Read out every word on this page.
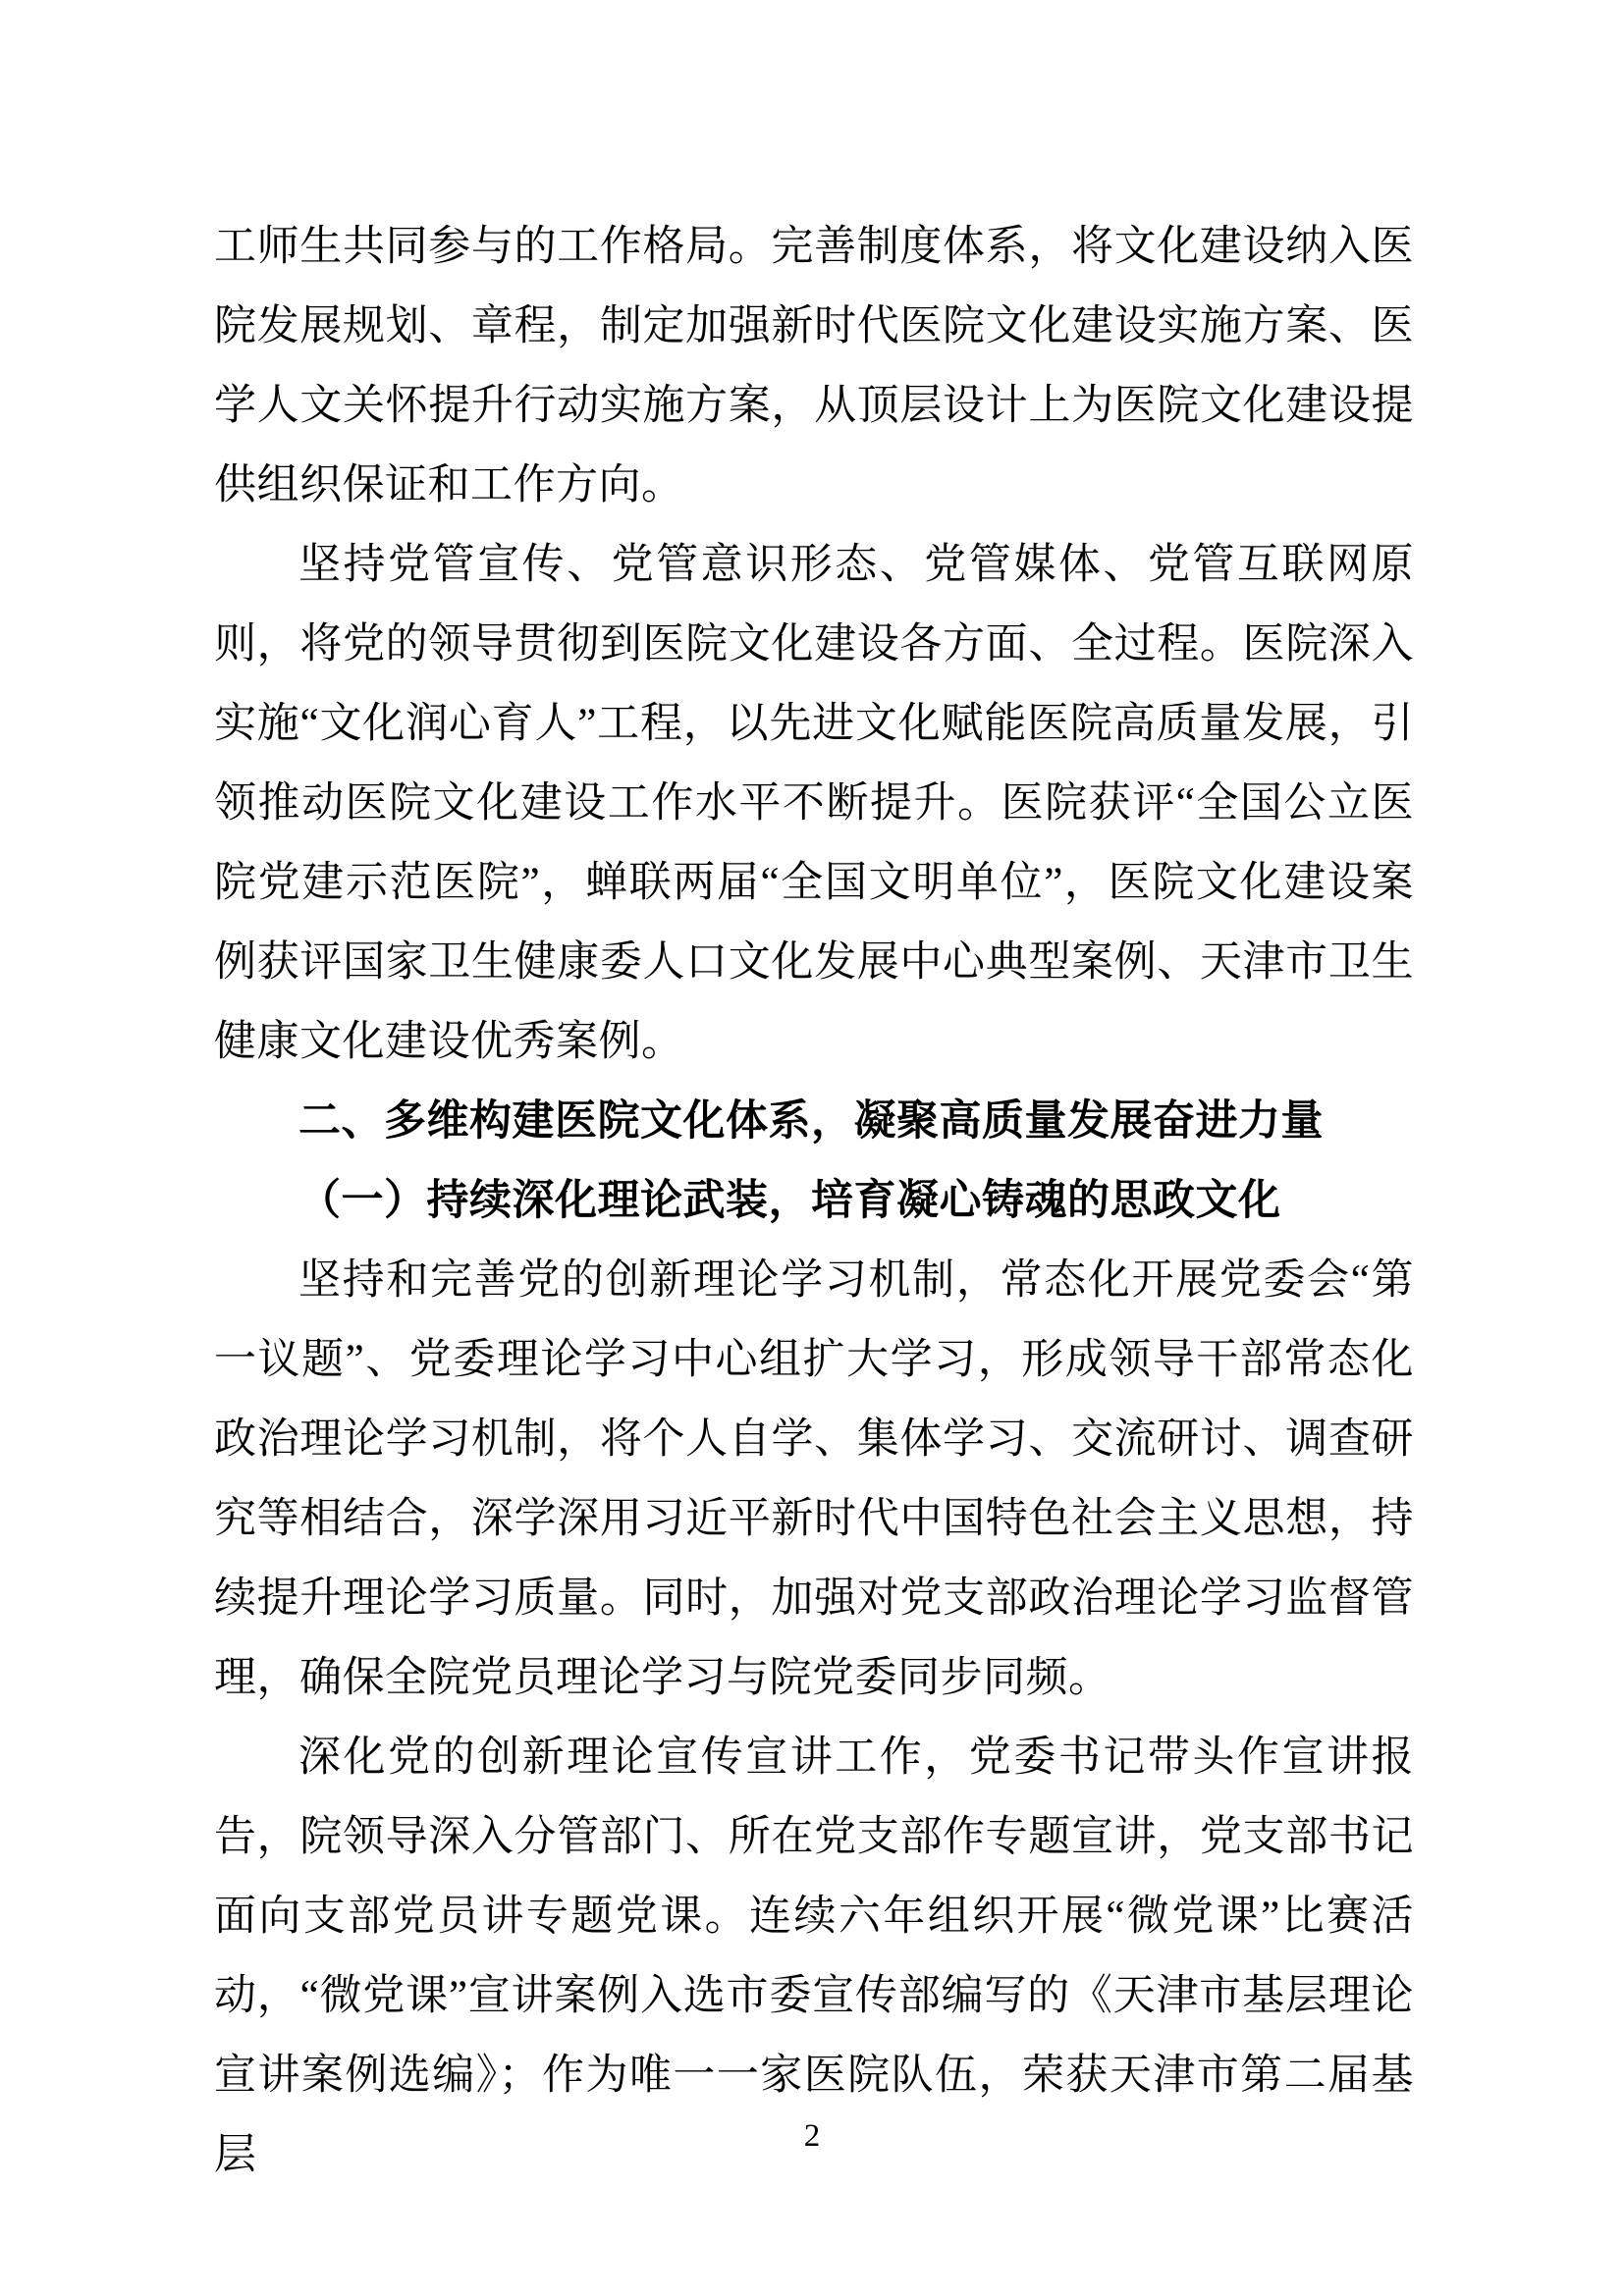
工师生共同参与的工作格局。完善制度体系，将文化建设纳入医院发展规划、章程，制定加强新时代医院文化建设实施方案、医学人文关怀提升行动实施方案，从顶层设计上为医院文化建设提供组织保证和工作方向。

坚持党管宣传、党管意识形态、党管媒体、党管互联网原则，将党的领导贯彻到医院文化建设各方面、全过程。医院深入实施“文化润心育人”工程，以先进文化赋能医院高质量发展，引领推动医院文化建设工作水平不断提升。医院获评“全国公立医院党建示范医院”，蝉联两届“全国文明单位”，医院文化建设案例获评国家卫生健康委人口文化发展中心典型案例、天津市卫生健康文化建设优秀案例。

二、多维构建医院文化体系，凝聚高质量发展奋进力量
（一）持续深化理论武装，培育凝心铸魂的思政文化

坚持和完善党的创新理论学习机制，常态化开展党委会“第一议题”、党委理论学习中心组扩大学习，形成领导干部常态化政治理论学习机制，将个人自学、集体学习、交流研讨、调查研究等相结合，深学深用习近平新时代中国特色社会主义思想，持续提升理论学习质量。同时，加强对党支部政治理论学习监督管理，确保全院党员理论学习与院党委同步同频。

深化党的创新理论宣传宣讲工作，党委书记带头作宣讲报告，院领导深入分管部门、所在党支部作专题宣讲，党支部书记面向支部党员讲专题党课。连续六年组织开展“微党课”比赛活动，“微党课”宣讲案例入选市委宣传部编写的《天津市基层理论宣讲案例选编》；作为唯一一家医院队伍，荣获天津市第二届基层	2
